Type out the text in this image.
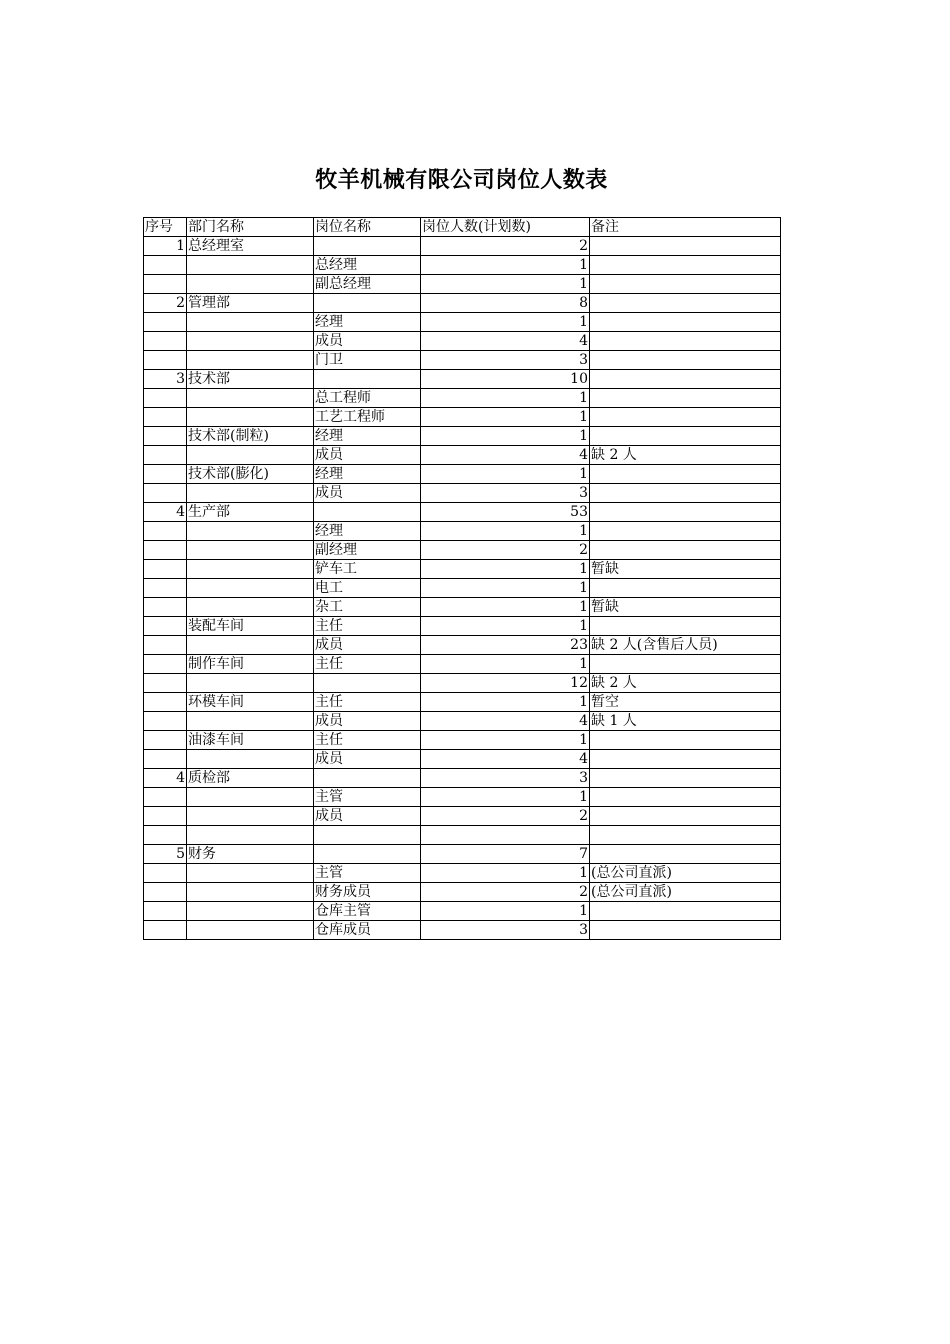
牧羊机械有限公司岗位人数表
序号	部门名称	岗位名称	岗位人数(计划数)	备注
1	总经理室		2	
		总经理	1	
		副总经理	1	
2	管理部		8	
		经理	1	
		成员	4	
		门卫	3	
3	技术部		10	
		总工程师	1	
		工艺工程师	1	
	技术部(制粒)	经理	1	
		成员	4	缺 2 人
	技术部(膨化)	经理	1	
		成员	3	
4	生产部		53	
		经理	1	
		副经理	2	
		铲车工	1	暂缺
		电工	1	
		杂工	1	暂缺
	装配车间	主任	1	
		成员	23	缺 2 人(含售后人员)
	制作车间	主任	1	
			12	缺 2 人
	环模车间	主任	1	暂空
		成员	4	缺 1 人
	油漆车间	主任	1	
		成员	4	
4	质检部		3	
		主管	1	
		成员	2	

5	财务		7	
		主管	1	(总公司直派)
		财务成员	2	(总公司直派)
		仓库主管	1	
		仓库成员	3	
